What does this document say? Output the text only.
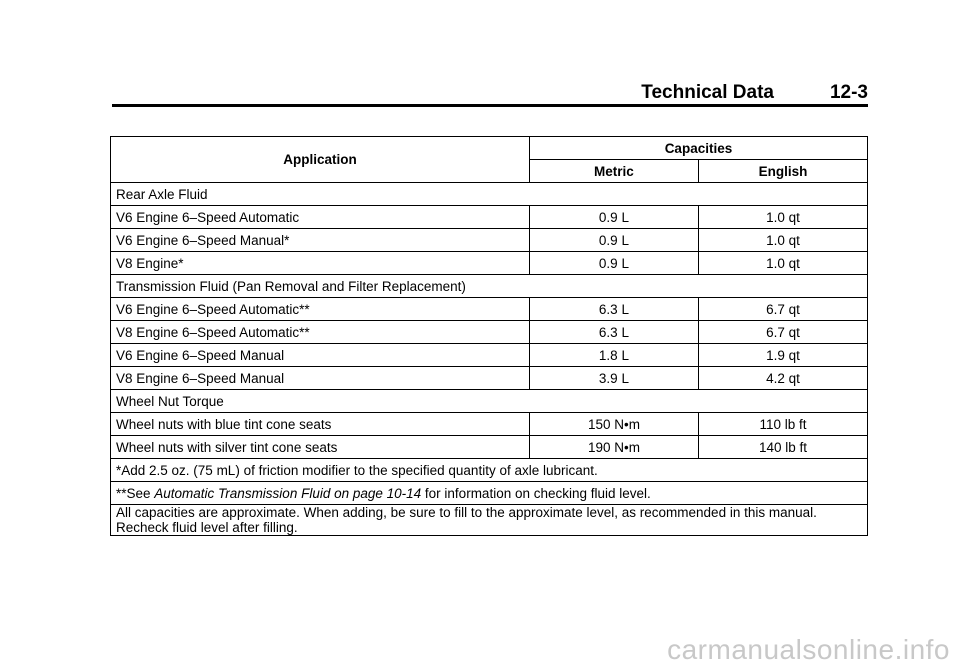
Technical Data	12-3
Application	Capacities	
	Metric	English
Rear Axle Fluid		
V6 Engine 6–Speed Automatic	0.9 L	1.0 qt
V6 Engine 6–Speed Manual*	0.9 L	1.0 qt
V8 Engine*	0.9 L	1.0 qt
Transmission Fluid (Pan Removal and Filter Replacement)		
V6 Engine 6–Speed Automatic**	6.3 L	6.7 qt
V8 Engine 6–Speed Automatic**	6.3 L	6.7 qt
V6 Engine 6–Speed Manual	1.8 L	1.9 qt
V8 Engine 6–Speed Manual	3.9 L	4.2 qt
Wheel Nut Torque		
Wheel nuts with blue tint cone seats	150 N•m	110 lb ft
Wheel nuts with silver tint cone seats	190 N•m	140 lb ft
*Add 2.5 oz. (75 mL) of friction modifier to the specified quantity of axle lubricant.		
**See Automatic Transmission Fluid on page 10-14 for information on checking fluid level.		
All capacities are approximate. When adding, be sure to fill to the approximate level, as recommended in this manual. Recheck fluid level after filling.		
carmanualsonline.info
